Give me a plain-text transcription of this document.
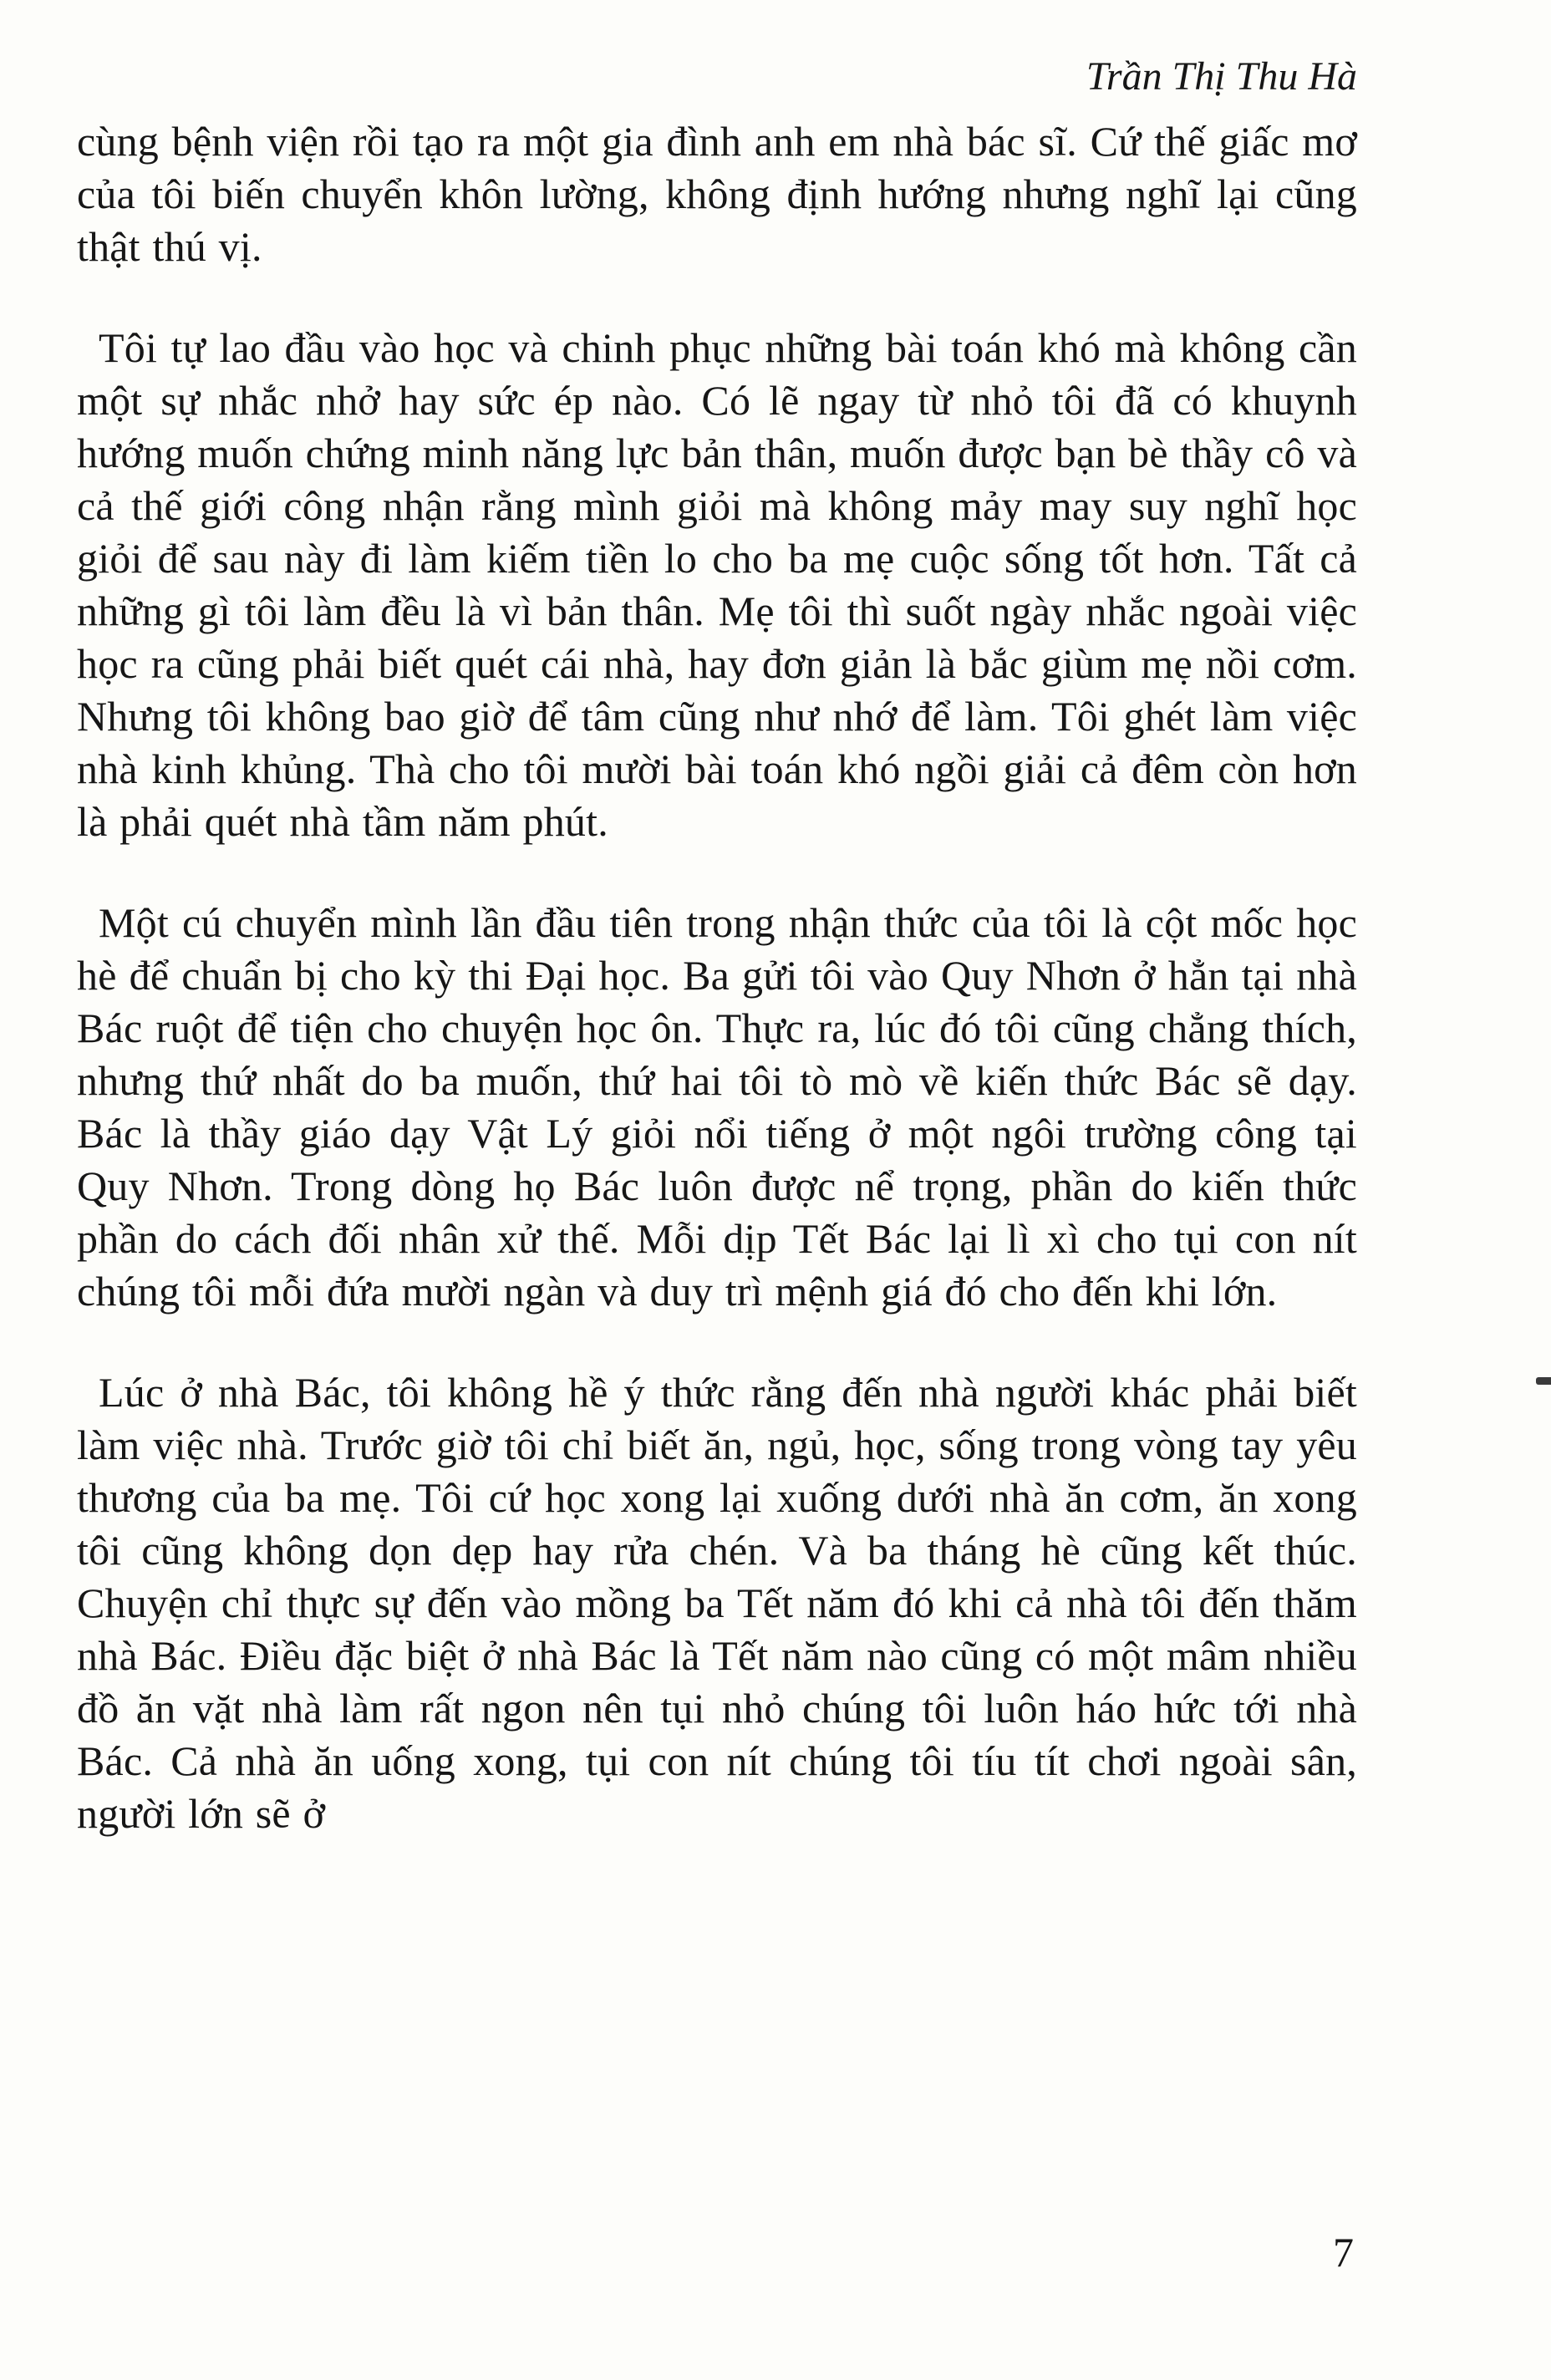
Trần Thị Thu Hà

cùng bệnh viện rồi tạo ra một gia đình anh em nhà bác sĩ. Cứ thế giấc mơ của tôi biến chuyển khôn lường, không định hướng nhưng nghĩ lại cũng thật thú vị.

Tôi tự lao đầu vào học và chinh phục những bài toán khó mà không cần một sự nhắc nhở hay sức ép nào. Có lẽ ngay từ nhỏ tôi đã có khuynh hướng muốn chứng minh năng lực bản thân, muốn được bạn bè thầy cô và cả thế giới công nhận rằng mình giỏi mà không mảy may suy nghĩ học giỏi để sau này đi làm kiếm tiền lo cho ba mẹ cuộc sống tốt hơn. Tất cả những gì tôi làm đều là vì bản thân. Mẹ tôi thì suốt ngày nhắc ngoài việc học ra cũng phải biết quét cái nhà, hay đơn giản là bắc giùm mẹ nồi cơm. Nhưng tôi không bao giờ để tâm cũng như nhớ để làm. Tôi ghét làm việc nhà kinh khủng. Thà cho tôi mười bài toán khó ngồi giải cả đêm còn hơn là phải quét nhà tầm năm phút.

Một cú chuyển mình lần đầu tiên trong nhận thức của tôi là cột mốc học hè để chuẩn bị cho kỳ thi Đại học. Ba gửi tôi vào Quy Nhơn ở hẳn tại nhà Bác ruột để tiện cho chuyện học ôn. Thực ra, lúc đó tôi cũng chẳng thích, nhưng thứ nhất do ba muốn, thứ hai tôi tò mò về kiến thức Bác sẽ dạy. Bác là thầy giáo dạy Vật Lý giỏi nổi tiếng ở một ngôi trường công tại Quy Nhơn. Trong dòng họ Bác luôn được nể trọng, phần do kiến thức phần do cách đối nhân xử thế. Mỗi dịp Tết Bác lại lì xì cho tụi con nít chúng tôi mỗi đứa mười ngàn và duy trì mệnh giá đó cho đến khi lớn.

Lúc ở nhà Bác, tôi không hề ý thức rằng đến nhà người khác phải biết làm việc nhà. Trước giờ tôi chỉ biết ăn, ngủ, học, sống trong vòng tay yêu thương của ba mẹ. Tôi cứ học xong lại xuống dưới nhà ăn cơm, ăn xong tôi cũng không dọn dẹp hay rửa chén. Và ba tháng hè cũng kết thúc. Chuyện chỉ thực sự đến vào mồng ba Tết năm đó khi cả nhà tôi đến thăm nhà Bác. Điều đặc biệt ở nhà Bác là Tết năm nào cũng có một mâm nhiều đồ ăn vặt nhà làm rất ngon nên tụi nhỏ chúng tôi luôn háo hức tới nhà Bác. Cả nhà ăn uống xong, tụi con nít chúng tôi tíu tít chơi ngoài sân, người lớn sẽ ở

7
